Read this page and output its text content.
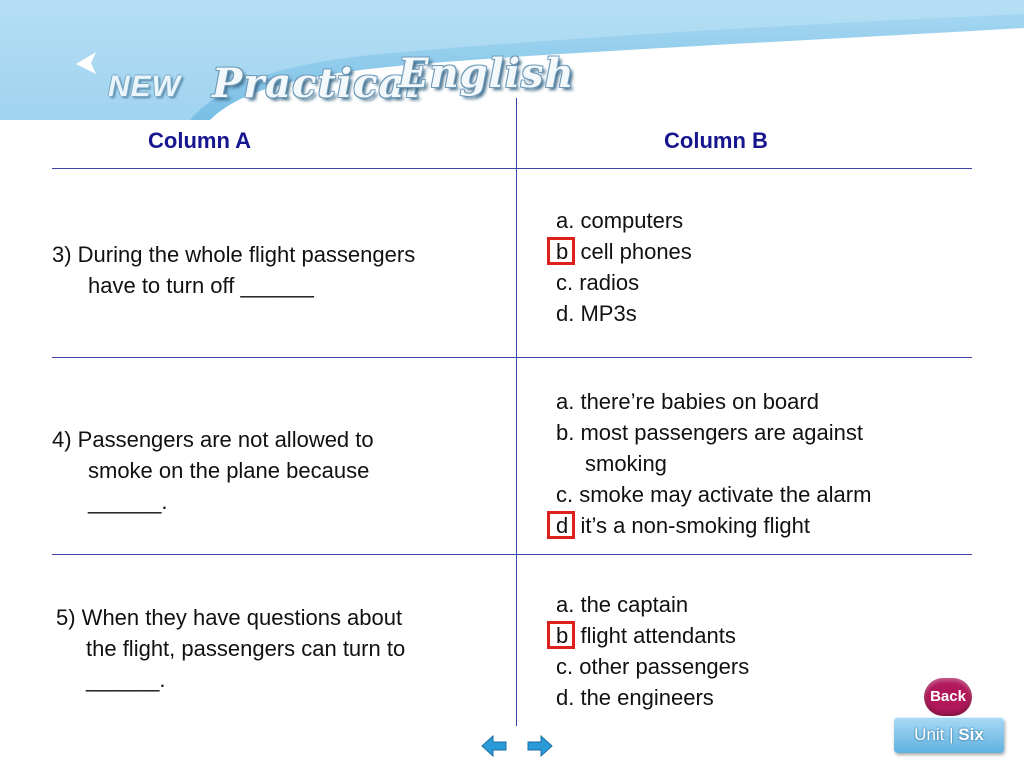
NEW Practical
English
Column A	Column B
3) During the whole flight passengers
have to turn off ______
a. computers
b cell phones
c. radios
d. MP3s
4) Passengers are not allowed to
smoke on the plane because
______.
a. there’re babies on board
b. most passengers are against
smoking
c. smoke may activate the alarm
d it’s a non-smoking flight
5) When they have questions about
the flight, passengers can turn to
______.
a. the captain
b flight attendants
c. other passengers
d. the engineers	Back
Unit | Six
